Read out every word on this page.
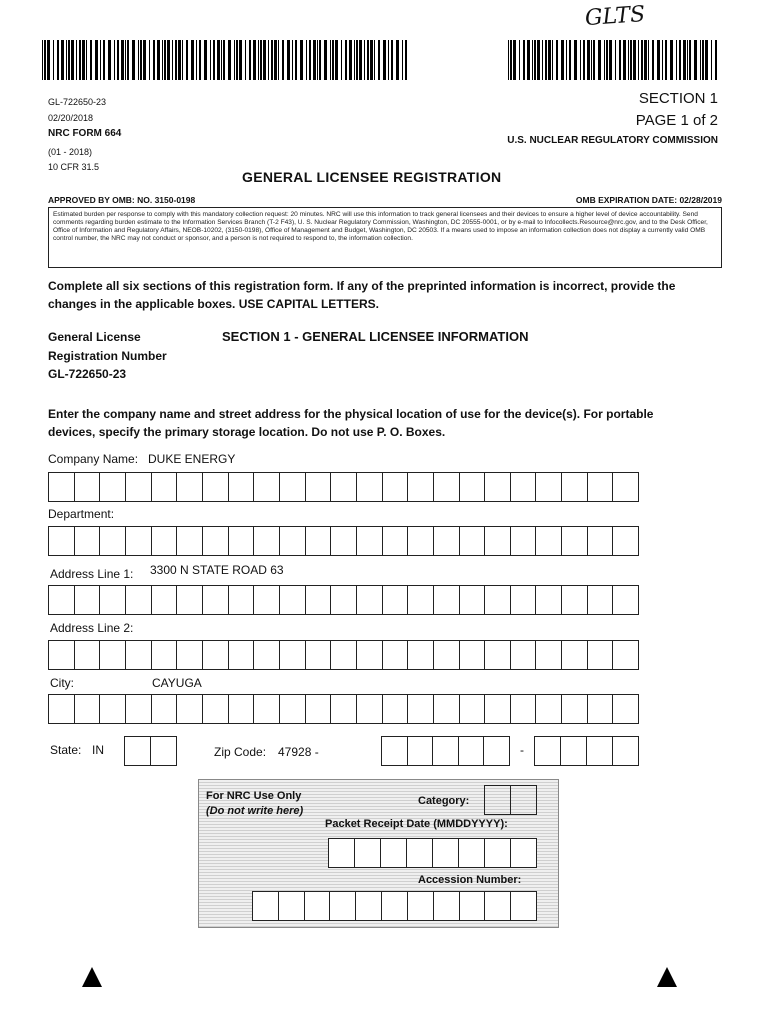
GLTS
GL-722650-23
02/20/2018
NRC FORM 664
(01 - 2018)
10 CFR 31.5
SECTION 1
PAGE 1 of 2
U.S. NUCLEAR REGULATORY COMMISSION
GENERAL LICENSEE REGISTRATION
APPROVED BY OMB: NO. 3150-0198	OMB EXPIRATION DATE: 02/28/2019
Estimated burden per response to comply with this mandatory collection request: 20 minutes. NRC will use this information to track general licensees and their devices to ensure a higher level of device accountability. Send comments regarding burden estimate to the Information Services Branch (T-2 F43), U. S. Nuclear Regulatory Commission, Washington, DC 20555-0001, or by e-mail to Infocollects.Resource@nrc.gov, and to the Desk Officer, Office of Information and Regulatory Affairs, NEOB-10202, (3150-0198), Office of Management and Budget, Washington, DC 20503. If a means used to impose an information collection does not display a currently valid OMB control number, the NRC may not conduct or sponsor, and a person is not required to respond to, the information collection.
Complete all six sections of this registration form. If any of the preprinted information is incorrect, provide the changes in the applicable boxes. USE CAPITAL LETTERS.
General License
Registration Number
GL-722650-23
SECTION 1 - GENERAL LICENSEE INFORMATION
Enter the company name and street address for the physical location of use for the device(s). For portable devices, specify the primary storage location. Do not use P. O. Boxes.
Company Name: DUKE ENERGY
Department:
Address Line 1: 3300 N STATE ROAD 63
Address Line 2:
City:	CAYUGA
State: IN	Zip Code: 47928 -	-
For NRC Use Only
(Do not write here)
Category:
Packet Receipt Date (MMDDYYYY):
Accession Number:
